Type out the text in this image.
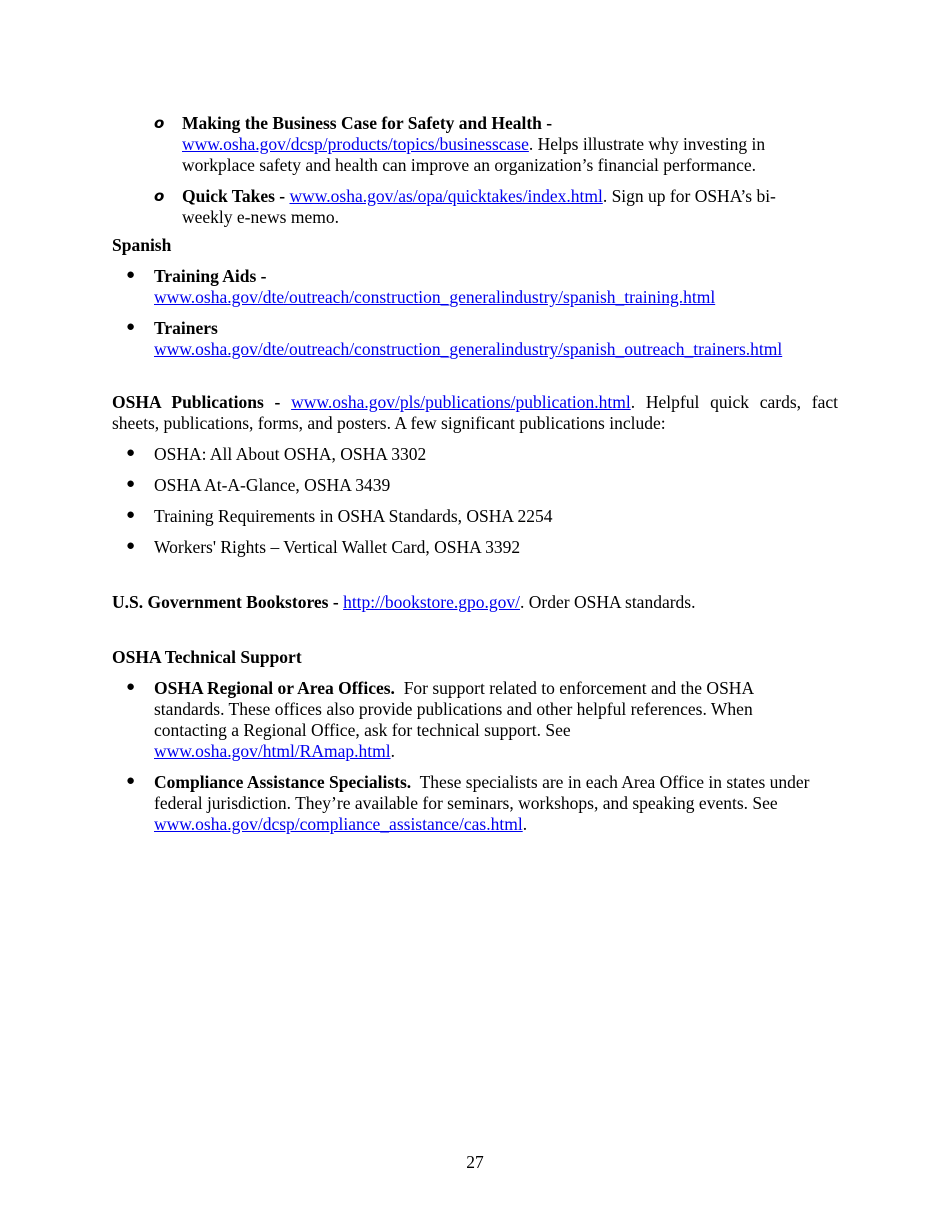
o Making the Business Case for Safety and Health -
www.osha.gov/dcsp/products/topics/businesscase. Helps illustrate why investing in workplace safety and health can improve an organization’s financial performance.
o Quick Takes - www.osha.gov/as/opa/quicktakes/index.html. Sign up for OSHA’s bi-weekly e-news memo.
Spanish
● Training Aids -
www.osha.gov/dte/outreach/construction_generalindustry/spanish_training.html
● Trainers
www.osha.gov/dte/outreach/construction_generalindustry/spanish_outreach_trainers.html
OSHA Publications - www.osha.gov/pls/publications/publication.html. Helpful quick cards, fact sheets, publications, forms, and posters. A few significant publications include:
● OSHA: All About OSHA, OSHA 3302
● OSHA At-A-Glance, OSHA 3439
● Training Requirements in OSHA Standards, OSHA 2254
● Workers' Rights – Vertical Wallet Card, OSHA 3392
U.S. Government Bookstores - http://bookstore.gpo.gov/. Order OSHA standards.
OSHA Technical Support
● OSHA Regional or Area Offices. For support related to enforcement and the OSHA standards. These offices also provide publications and other helpful references. When contacting a Regional Office, ask for technical support. See
www.osha.gov/html/RAmap.html.
● Compliance Assistance Specialists. These specialists are in each Area Office in states under federal jurisdiction. They’re available for seminars, workshops, and speaking events. See www.osha.gov/dcsp/compliance_assistance/cas.html.
27
